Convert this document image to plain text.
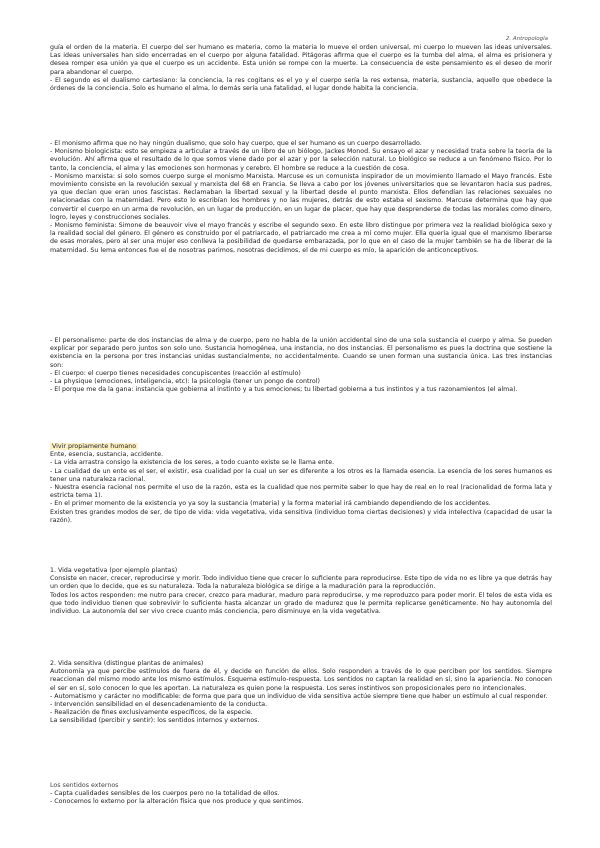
2. Antropología

guía el orden de la materia. El cuerpo del ser humano es materia, como la materia lo mueve el orden universal, mi cuerpo lo mueven las ideas universales. Las ideas universales han sido encerradas en el cuerpo por alguna fatalidad. Pitágoras afirma que el cuerpo es la tumba del alma, el alma es prisionera y desea romper esa unión ya que el cuerpo es un accidente. Esta unión se rompe con la muerte. La consecuencia de este pensamiento es el deseo de morir para abandonar el cuerpo.

- El segundo es el dualismo cartesiano: la conciencia, la res cogitans es el yo y el cuerpo sería la res extensa, materia, sustancia, aquello que obedece la órdenes de la conciencia. Solo es humano el alma, lo demás sería una fatalidad, el lugar donde habita la conciencia.

- El monismo afirma que no hay ningún dualismo, que solo hay cuerpo, que el ser humano es un cuerpo desarrollado.

- Monismo biologicista: esto se empieza a articular a través de un libro de un biólogo, Jackes Monod. Su ensayo el azar y necesidad trata sobre la teoría de la evolución. Ahí afirma que el resultado de lo que somos viene dado por el azar y por la selección natural. Lo biológico se reduce a un fenómeno físico. Por lo tanto, la conciencia, el alma y las emociones son hormonas y cerebro. El hombre se reduce a la cuestión de cosa.

- Monismo marxista: si solo somos cuerpo surge el monismo Marxista. Marcuse es un comunista inspirador de un movimiento llamado el Mayo francés. Este movimiento consiste en la revolución sexual y marxista del 68 en Francia. Se lleva a cabo por los jóvenes universitarios que se levantaron hacia sus padres, ya que decían que eran unos fascistas. Reclamaban la libertad sexual y la libertad desde el punto marxista. Ellos defendían las relaciones sexuales no relacionadas con la maternidad. Pero esto lo escribían los hombres y no las mujeres, detrás de esto estaba el sexismo. Marcuse determina que hay que convertir el cuerpo en un arma de revolución, en un lugar de producción, en un lugar de placer, que hay que desprenderse de todas las morales como dinero, logro, leyes y construcciones sociales.

- Monismo feminista: Simone de beauvoir vive el mayo francés y escribe el segundo sexo. En este libro distingue por primera vez la realidad biológica sexo y la realidad social del género. El género es construido por el patriarcado, el patriarcado me crea a mí como mujer. Ella quería igual que el marxismo liberarse de esas morales, pero al ser una mujer eso conlleva la posibilidad de quedarse embarazada, por lo que en el caso de la mujer también se ha de liberar de la maternidad. Su lema entonces fue el de nosotras parimos, nosotras decidimos, el de mi cuerpo es mío, la aparición de anticonceptivos.

- El personalismo: parte de dos instancias de alma y de cuerpo, pero no habla de la unión accidental sino de una sola sustancia el cuerpo y alma. Se pueden explicar por separado pero juntos son solo uno. Sustancia homogénea, una instancia, no dos instancias. El personalismo es pues la doctrina que sostiene la existencia en la persona por tres instancias unidas sustancialmente, no accidentalmente. Cuando se unen forman una sustancia única. Las tres instancias son:

- El cuerpo: el cuerpo tienes necesidades concupiscentes (reacción al estímulo)

- La physique (emociones, inteligencia, etc): la psicología (tener un pongo de control)

- El porque me da la gana: instancia que gobierna al instinto y a tus emociones; tu libertad gobierna a tus instintos y a tus razonamientos (el alma).

Vivir propiamente humano

Ente, esencia, sustancia, accidente.

- La vida arrastra consigo la existencia de los seres, a todo cuanto existe se le llama ente.

- La cualidad de un ente es el ser, el existir, esa cualidad por la cual un ser es diferente a los otros es la llamada esencia. La esencia de los seres humanos es tener una naturaleza racional.

- Nuestra esencia racional nos permite el uso de la razón, esta es la cualidad que nos permite saber lo que hay de real en lo real (racionalidad de forma lata y estricta tema 1).

- En el primer momento de la existencia yo ya soy la sustancia (materia) y la forma material irá cambiando dependiendo de los accidentes.

Existen tres grandes modos de ser, de tipo de vida: vida vegetativa, vida sensitiva (individuo toma ciertas decisiones) y vida intelectiva (capacidad de usar la razón).

1. Vida vegetativa (por ejemplo plantas)

Consiste en nacer, crecer, reproducirse y morir. Todo individuo tiene que crecer lo suficiente para reproducirse. Este tipo de vida no es libre ya que detrás hay un orden que lo decide, que es su naturaleza. Toda la naturaleza biológica se dirige a la maduración para la reproducción.

Todos los actos responden: me nutro para crecer, crezco para madurar, maduro para reproducirse, y me reproduzco para poder morir. El telos de esta vida es que todo individuo tienen que sobrevivir lo suficiente hasta alcanzar un grado de madurez que le permita replicarse genéticamente. No hay autonomía del individuo. La autonomía del ser vivo crece cuanto más conciencia, pero disminuye en la vida vegetativa.

2. Vida sensitiva (distingue plantas de animales)

Autonomía ya que percibe estímulos de fuera de él, y decide en función de ellos. Solo responden a través de lo que perciben por los sentidos. Siempre reaccionan del mismo modo ante los mismo estímulos. Esquema estímulo-respuesta. Los sentidos no captan la realidad en sí, sino la apariencia. No conocen el ser en sí, solo conocen lo que les aportan. La naturaleza es quien pone la respuesta. Los seres instintivos son proposicionales pero no intencionales.

- Automatismo y carácter no modificable: de forma que para que un individuo de vida sensitiva actúe siempre tiene que haber un estímulo al cual responder.

- Intervención sensibilidad en el desencadenamiento de la conducta.

- Realización de fines exclusivamente específicos, de la especie.

La sensibilidad (percibir y sentir): los sentidos internos y externos.

Los sentidos externos

- Capta cualidades sensibles de los cuerpos pero no la totalidad de ellos.

- Conocemos lo externo por la alteración física que nos produce y que sentimos.
